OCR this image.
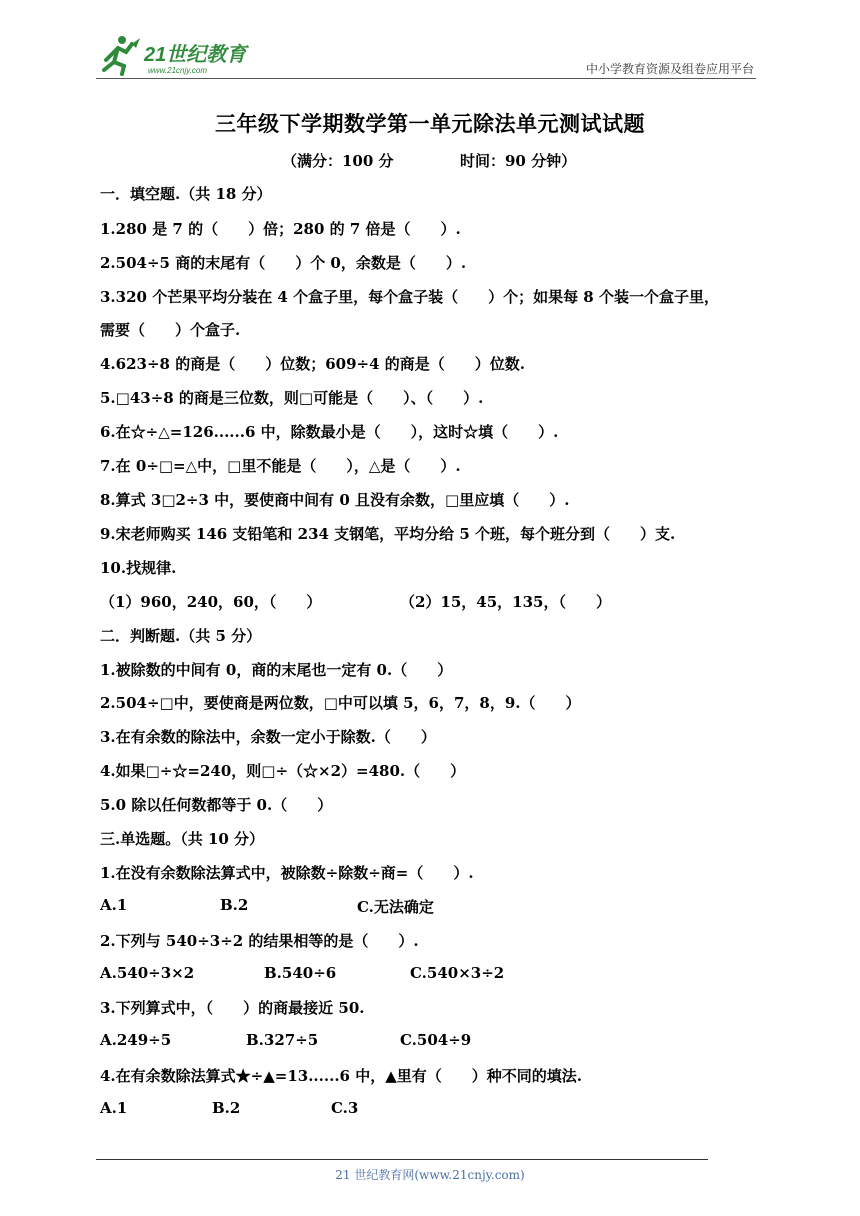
21世纪教育
www.21cnjy.com	中小学教育资源及组卷应用平台
三年级下学期数学第一单元除法单元测试试题
（满分：100 分	时间：90 分钟）
一．填空题.（共 18 分）
1.280 是 7 的（　　）倍；280 的 7 倍是（　　）.
2.504÷5 商的末尾有（　　）个 0，余数是（　　）.
3.320 个芒果平均分装在 4 个盒子里，每个盒子装（　　）个；如果每 8 个装一个盒子里，
需要（　　）个盒子.
4.623÷8 的商是（　　）位数；609÷4 的商是（　　）位数.
5.□43÷8 的商是三位数，则□可能是（　　）、（　　）.
6.在☆÷△=126......6 中，除数最小是（　　），这时☆填（　　）.
7.在 0÷□=△中，□里不能是（　　），△是（　　）.
8.算式 3□2÷3 中，要使商中间有 0 且没有余数，□里应填（　　）.
9.宋老师购买 146 支铅笔和 234 支钢笔，平均分给 5 个班，每个班分到（　　）支.
10.找规律.
（1）960，240，60，（　　）	（2）15，45，135，（　　）
二．判断题.（共 5 分）
1.被除数的中间有 0，商的末尾也一定有 0.（　　）
2.504÷□中，要使商是两位数，□中可以填 5，6，7，8，9.（　　）
3.在有余数的除法中，余数一定小于除数.（　　）
4.如果□÷☆=240，则□÷（☆×2）=480.（　　）
5.0 除以任何数都等于 0.（　　）
三.单选题。（共 10 分）
1.在没有余数除法算式中，被除数÷除数÷商=（　　）.
A.1	B.2	C.无法确定
2.下列与 540÷3÷2 的结果相等的是（　　）.
A.540÷3×2	B.540÷6	C.540×3÷2
3.下列算式中，（　　）的商最接近 50.
A.249÷5	B.327÷5	C.504÷9
4.在有余数除法算式★÷▲=13......6 中，▲里有（　　）种不同的填法.
A.1	B.2	C.3
21 世纪教育网(www.21cnjy.com)
